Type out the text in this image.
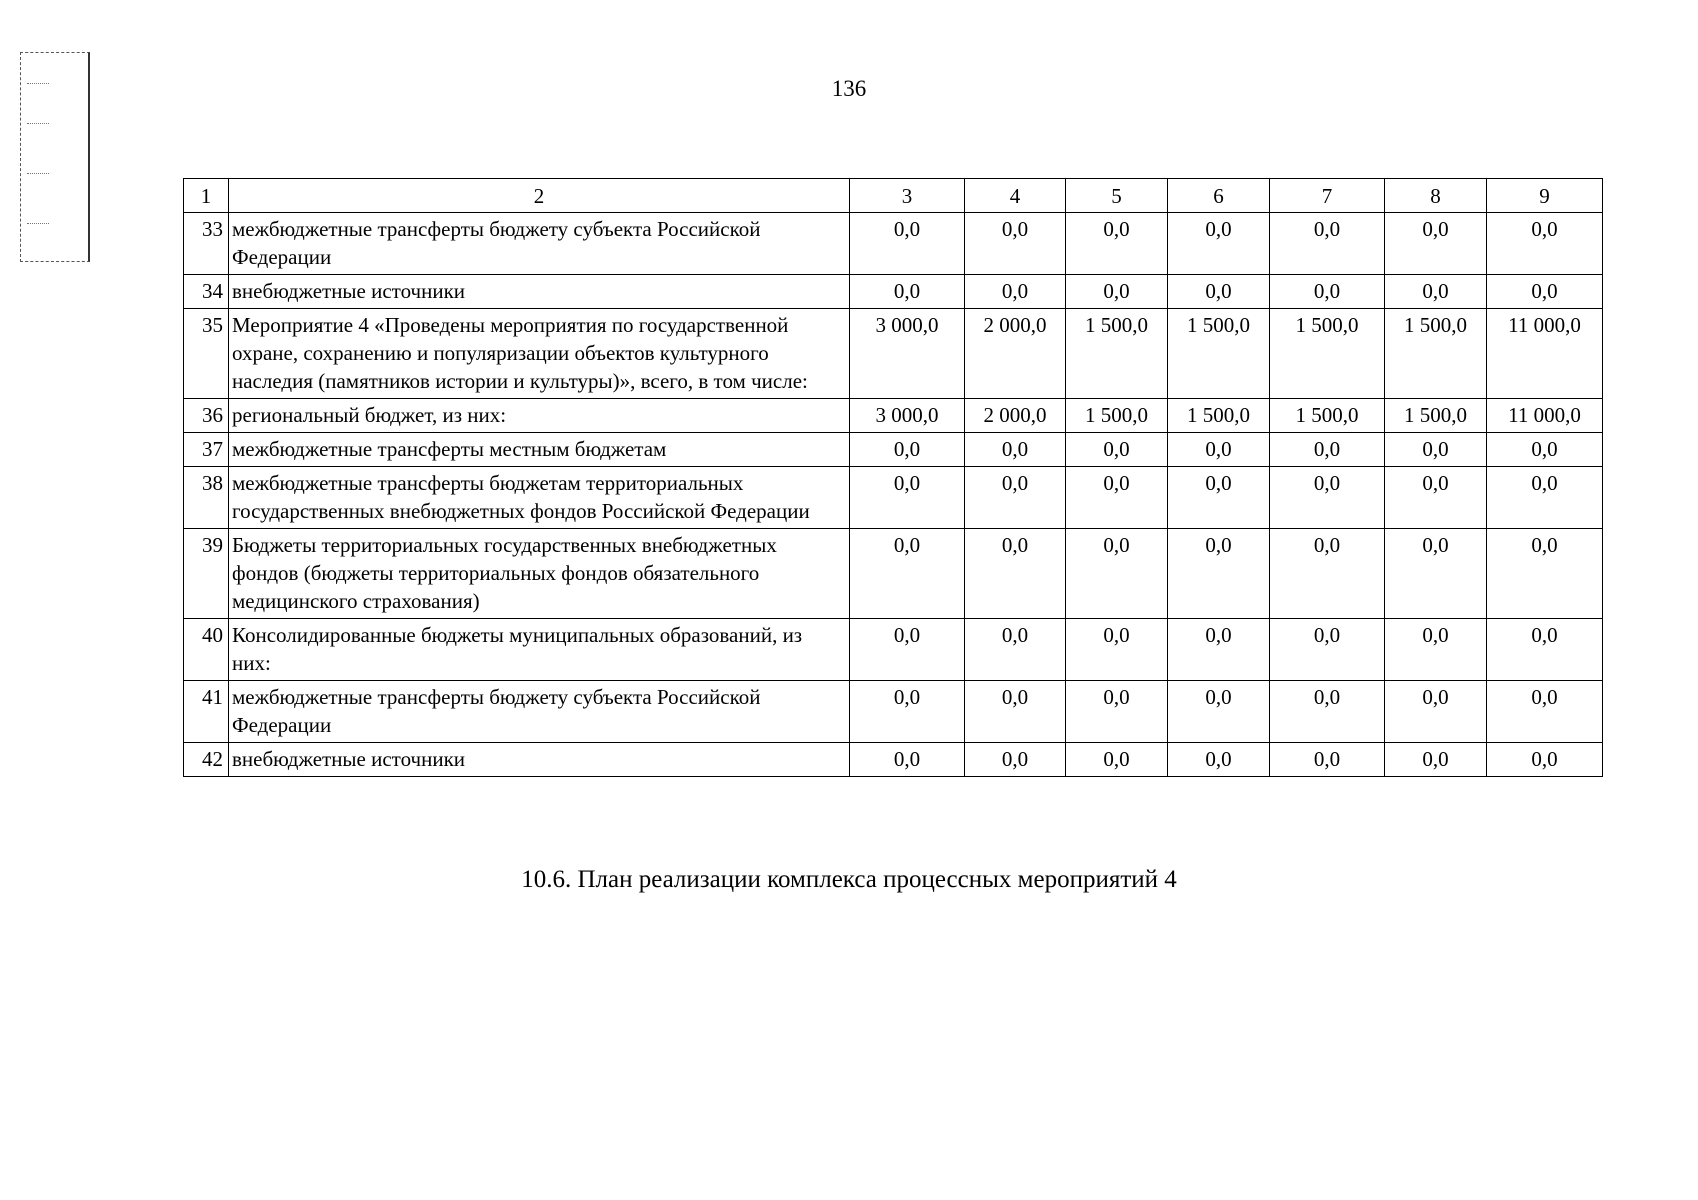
136
1	2	3	4	5	6	7	8	9
33	межбюджетные трансферты бюджету субъекта Российской Федерации	0,0	0,0	0,0	0,0	0,0	0,0	0,0
34	внебюджетные источники	0,0	0,0	0,0	0,0	0,0	0,0	0,0
35	Мероприятие 4 «Проведены мероприятия по государственной охране, сохранению и популяризации объектов культурного наследия (памятников истории и культуры)», всего, в том числе:	3 000,0	2 000,0	1 500,0	1 500,0	1 500,0	1 500,0	11 000,0
36	региональный бюджет, из них:	3 000,0	2 000,0	1 500,0	1 500,0	1 500,0	1 500,0	11 000,0
37	межбюджетные трансферты местным бюджетам	0,0	0,0	0,0	0,0	0,0	0,0	0,0
38	межбюджетные трансферты бюджетам территориальных государственных внебюджетных фондов Российской Федерации	0,0	0,0	0,0	0,0	0,0	0,0	0,0
39	Бюджеты территориальных государственных внебюджетных фондов (бюджеты территориальных фондов обязательного медицинского страхования)	0,0	0,0	0,0	0,0	0,0	0,0	0,0
40	Консолидированные бюджеты муниципальных образований, из них:	0,0	0,0	0,0	0,0	0,0	0,0	0,0
41	межбюджетные трансферты бюджету субъекта Российской Федерации	0,0	0,0	0,0	0,0	0,0	0,0	0,0
42	внебюджетные источники	0,0	0,0	0,0	0,0	0,0	0,0	0,0
10.6. План реализации комплекса процессных мероприятий 4
